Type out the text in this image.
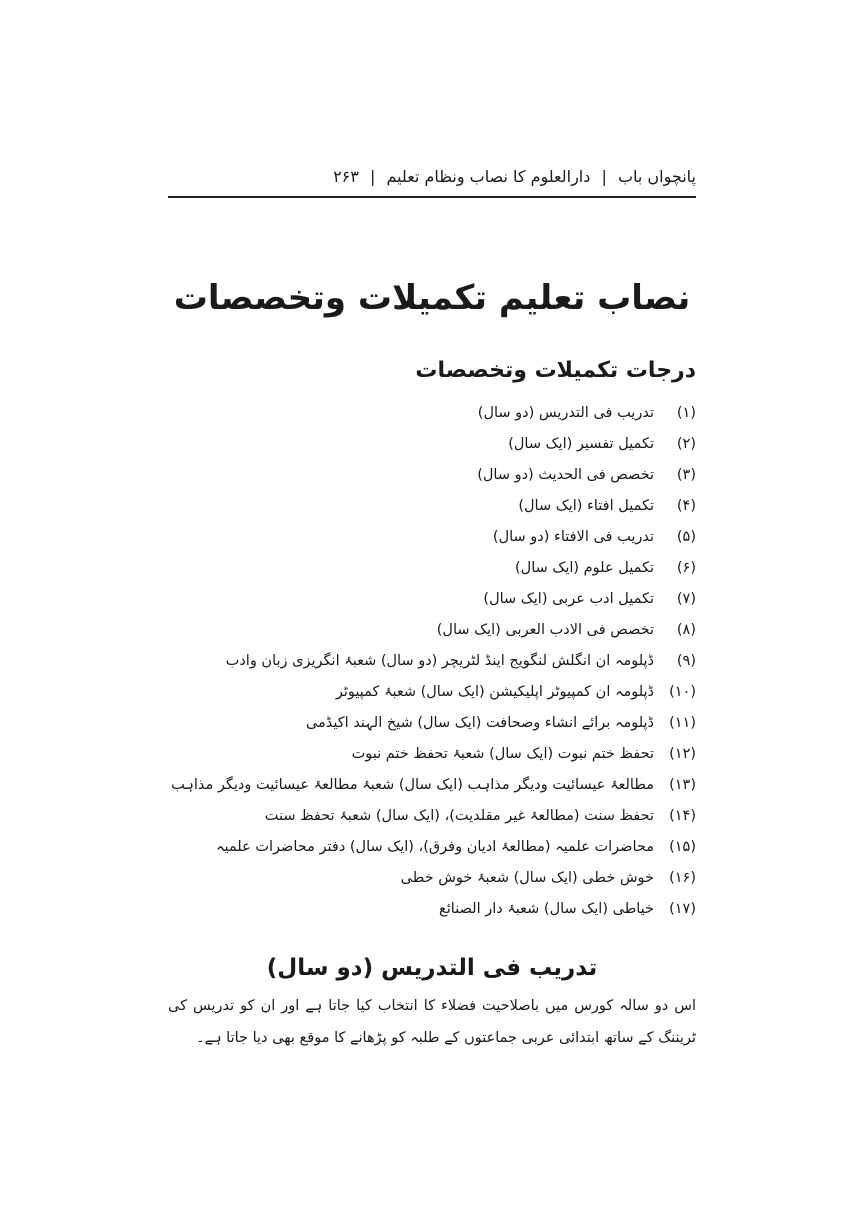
پانچواں باب | دارالعلوم کا نصاب ونظام تعلیم | ۲۶۳
نصاب تعلیم تکمیلات وتخصصات
درجات تکمیلات وتخصصات
(۱)تدریب فی التدریس (دو سال)
(۲)تکمیل تفسیر (ایک سال)
(۳)تخصص فی الحدیث (دو سال)
(۴)تکمیل افتاء (ایک سال)
(۵)تدریب فی الافتاء (دو سال)
(۶)تکمیل علوم (ایک سال)
(۷)تکمیل ادب عربی (ایک سال)
(۸)تخصص فی الادب العربی (ایک سال)
(۹)ڈپلومہ ان انگلش لنگویج اینڈ لٹریچر (دو سال) شعبۂ انگریزی زبان وادب
(۱۰)ڈپلومہ ان کمپیوٹر اپلیکیشن (ایک سال) شعبۂ کمپیوٹر
(۱۱)ڈپلومہ برائے انشاء وصحافت (ایک سال) شیخ الہند اکیڈمی
(۱۲)تحفظ ختم نبوت (ایک سال) شعبۂ تحفظ ختم نبوت
(۱۳)مطالعۂ عیسائیت ودیگر مذاہب (ایک سال) شعبۂ مطالعۂ عیسائیت ودیگر مذاہب
(۱۴)تحفظ سنت (مطالعۂ غیر مقلدیت)، (ایک سال) شعبۂ تحفظ سنت
(۱۵)محاضرات علمیہ (مطالعۂ ادیان وفرق)، (ایک سال) دفتر محاضرات علمیہ
(۱۶)خوش خطی (ایک سال) شعبۂ خوش خطی
(۱۷)خیاطی (ایک سال) شعبۂ دار الصنائع
تدریب فی التدریس (دو سال)
اس دو سالہ کورس میں باصلاحیت فضلاء کا انتخاب کیا جاتا ہے اور ان کو تدریس کی ٹریننگ کے ساتھ ابتدائی عربی جماعتوں کے طلبہ کو پڑھانے کا موقع بھی دیا جاتا ہے۔
